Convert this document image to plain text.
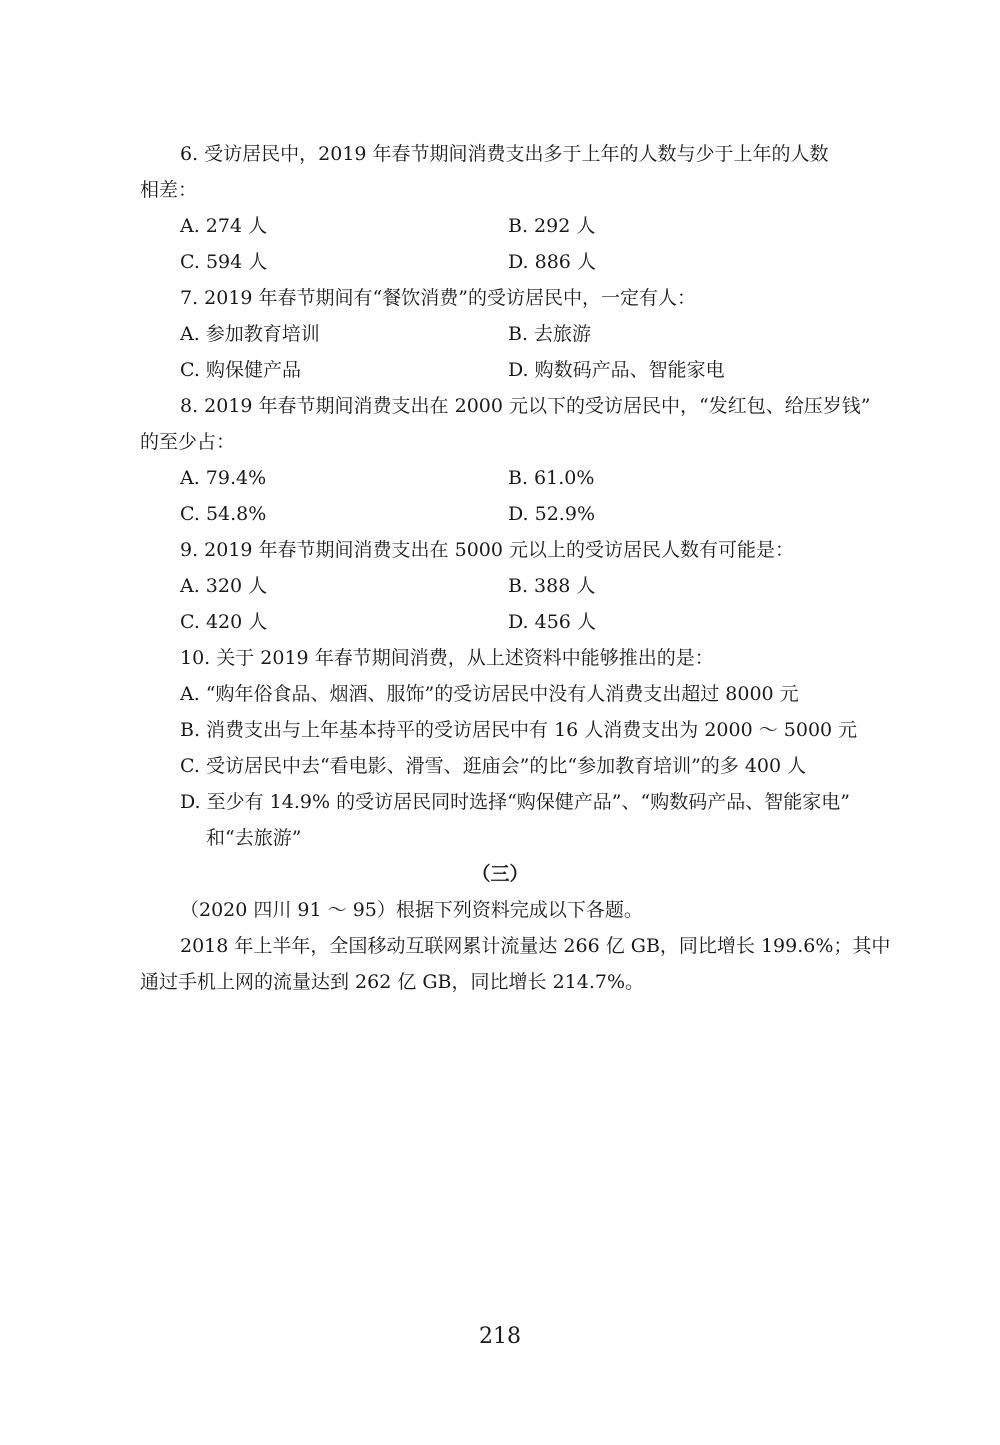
6. 受访居民中，2019 年春节期间消费支出多于上年的人数与少于上年的人数
相差：
A. 274 人	B. 292 人
C. 594 人	D. 886 人
7. 2019 年春节期间有“餐饮消费”的受访居民中，一定有人：
A. 参加教育培训	B. 去旅游
C. 购保健产品	D. 购数码产品、智能家电
8. 2019 年春节期间消费支出在 2000 元以下的受访居民中，“发红包、给压岁钱”
的至少占：
A. 79.4%	B. 61.0%
C. 54.8%	D. 52.9%
9. 2019 年春节期间消费支出在 5000 元以上的受访居民人数有可能是：
A. 320 人	B. 388 人
C. 420 人	D. 456 人
10. 关于 2019 年春节期间消费，从上述资料中能够推出的是：
A. “购年俗食品、烟酒、服饰”的受访居民中没有人消费支出超过 8000 元
B. 消费支出与上年基本持平的受访居民中有 16 人消费支出为 2000 ～ 5000 元
C. 受访居民中去“看电影、滑雪、逛庙会”的比“参加教育培训”的多 400 人
D. 至少有 14.9% 的受访居民同时选择“购保健产品”、“购数码产品、智能家电”
和“去旅游”
（三）
（2020 四川 91 ～ 95）根据下列资料完成以下各题。
2018 年上半年，全国移动互联网累计流量达 266 亿 GB，同比增长 199.6%；其中
通过手机上网的流量达到 262 亿 GB，同比增长 214.7%。
218
